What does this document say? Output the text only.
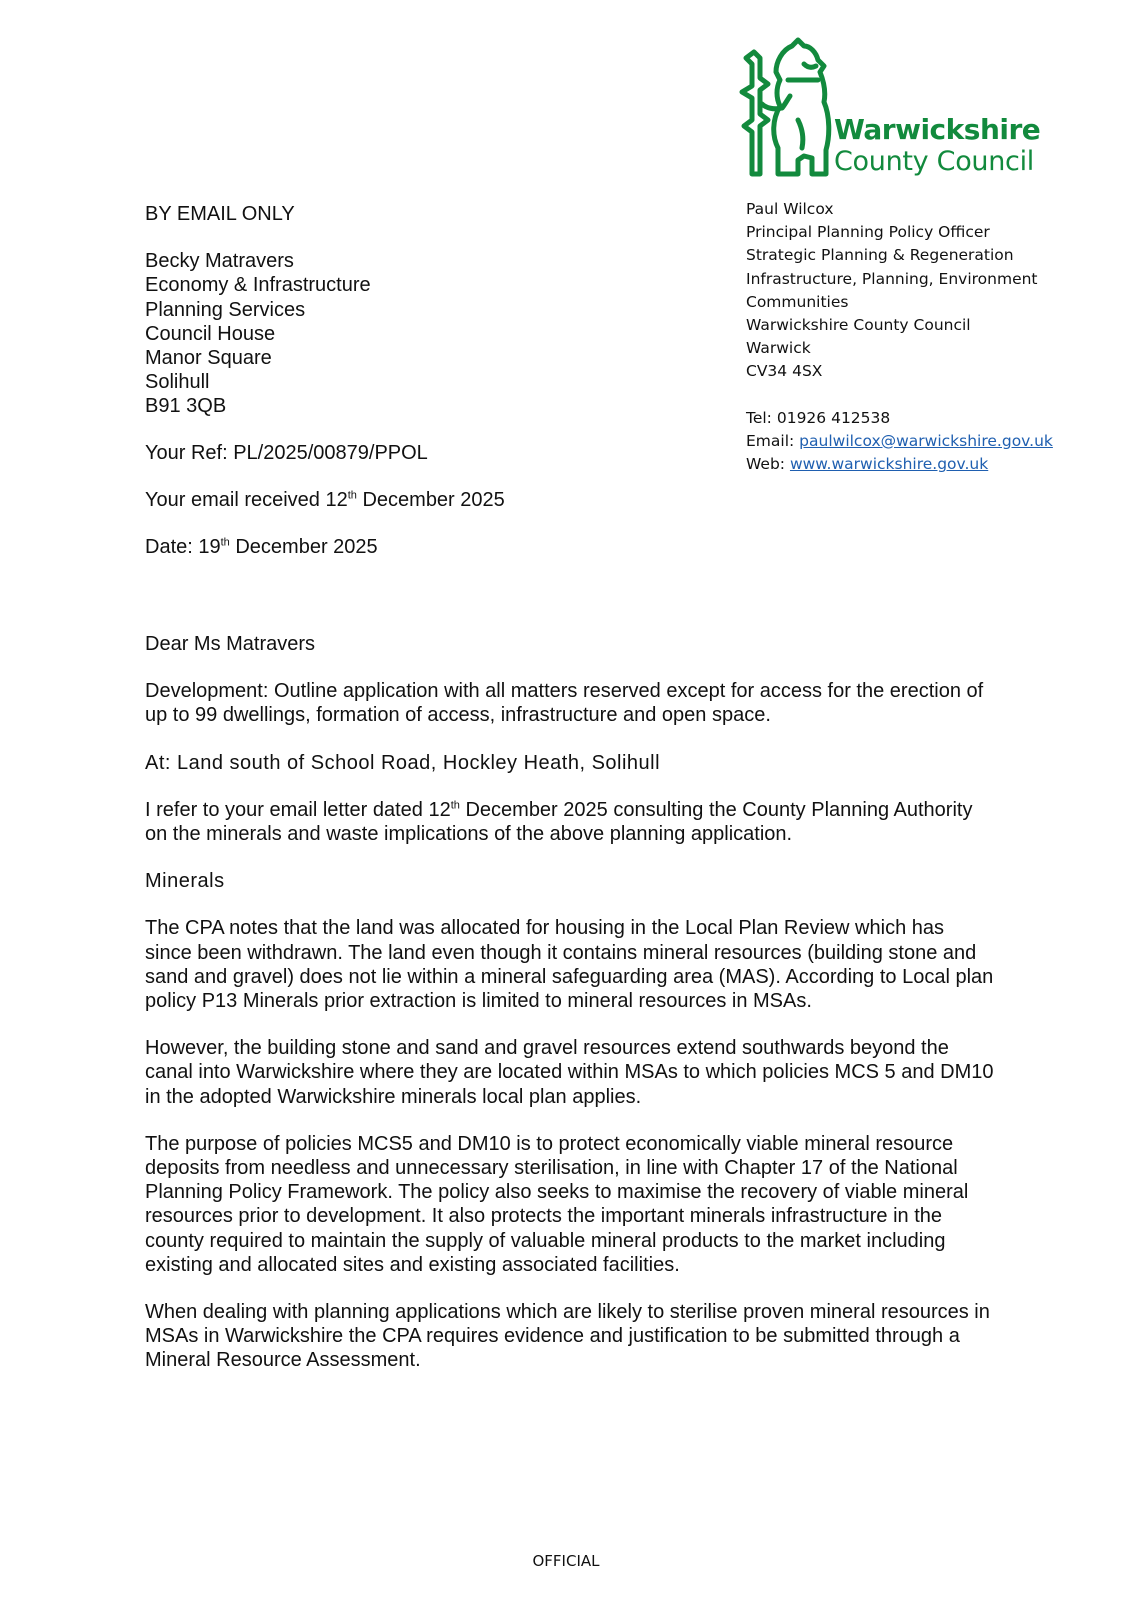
Warwickshire
County Council
Paul Wilcox
Principal Planning Policy Officer
Strategic Planning & Regeneration
Infrastructure, Planning, Environment
Communities
Warwickshire County Council
Warwick
CV34 4SX
Tel: 01926 412538
Email: paulwilcox@warwickshire.gov.uk
Web: www.warwickshire.gov.uk
BY EMAIL ONLY
Becky Matravers
Economy & Infrastructure
Planning Services
Council House
Manor Square
Solihull
B91 3QB
Your Ref: PL/2025/00879/PPOL
Your email received 12th December 2025
Date: 19th December 2025

Dear Ms Matravers

Development: Outline application with all matters reserved except for access for the erection of up to 99 dwellings, formation of access, infrastructure and open space.

At: Land south of School Road, Hockley Heath, Solihull

I refer to your email letter dated 12th December 2025 consulting the County Planning Authority on the minerals and waste implications of the above planning application.

Minerals

The CPA notes that the land was allocated for housing in the Local Plan Review which has since been withdrawn. The land even though it contains mineral resources (building stone and sand and gravel) does not lie within a mineral safeguarding area (MAS). According to Local plan policy P13 Minerals prior extraction is limited to mineral resources in MSAs.

However, the building stone and sand and gravel resources extend southwards beyond the canal into Warwickshire where they are located within MSAs to which policies MCS 5 and DM10 in the adopted Warwickshire minerals local plan applies.

The purpose of policies MCS5 and DM10 is to protect economically viable mineral resource deposits from needless and unnecessary sterilisation, in line with Chapter 17 of the National Planning Policy Framework. The policy also seeks to maximise the recovery of viable mineral resources prior to development. It also protects the important minerals infrastructure in the county required to maintain the supply of valuable mineral products to the market including existing and allocated sites and existing associated facilities.

When dealing with planning applications which are likely to sterilise proven mineral resources in MSAs in Warwickshire the CPA requires evidence and justification to be submitted through a Mineral Resource Assessment.

OFFICIAL
